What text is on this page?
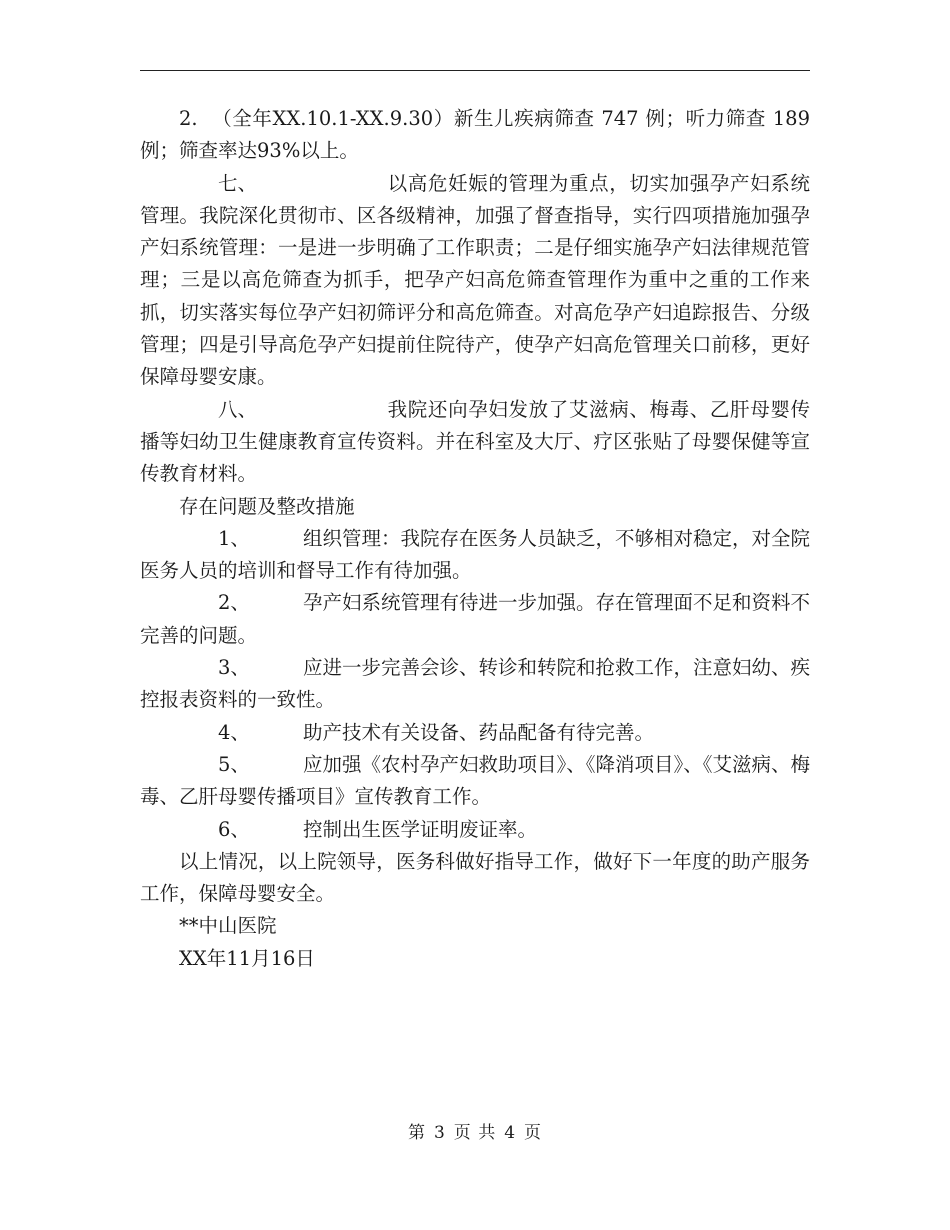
2. （全年XX.10.1-XX.9.30）新生儿疾病筛查 747 例；听力筛查 189 例；筛查率达93%以上。

七、	以高危妊娠的管理为重点，切实加强孕产妇系统管理。我院深化贯彻市、区各级精神，加强了督查指导，实行四项措施加强孕产妇系统管理：一是进一步明确了工作职责；二是仔细实施孕产妇法律规范管理；三是以高危筛查为抓手，把孕产妇高危筛查管理作为重中之重的工作来抓，切实落实每位孕产妇初筛评分和高危筛查。对高危孕产妇追踪报告、分级管理；四是引导高危孕产妇提前住院待产，使孕产妇高危管理关口前移，更好保障母婴安康。

八、	我院还向孕妇发放了艾滋病、梅毒、乙肝母婴传播等妇幼卫生健康教育宣传资料。并在科室及大厅、疗区张贴了母婴保健等宣传教育材料。

存在问题及整改措施

1、	组织管理：我院存在医务人员缺乏，不够相对稳定，对全院医务人员的培训和督导工作有待加强。

2、	孕产妇系统管理有待进一步加强。存在管理面不足和资料不完善的问题。

3、	应进一步完善会诊、转诊和转院和抢救工作，注意妇幼、疾控报表资料的一致性。

4、	助产技术有关设备、药品配备有待完善。

5、	应加强《农村孕产妇救助项目》、《降消项目》、《艾滋病、梅毒、乙肝母婴传播项目》宣传教育工作。

6、	控制出生医学证明废证率。

以上情况，以上院领导，医务科做好指导工作，做好下一年度的助产服务工作，保障母婴安全。

**中山医院

XX年11月16日

第 3 页 共 4 页
